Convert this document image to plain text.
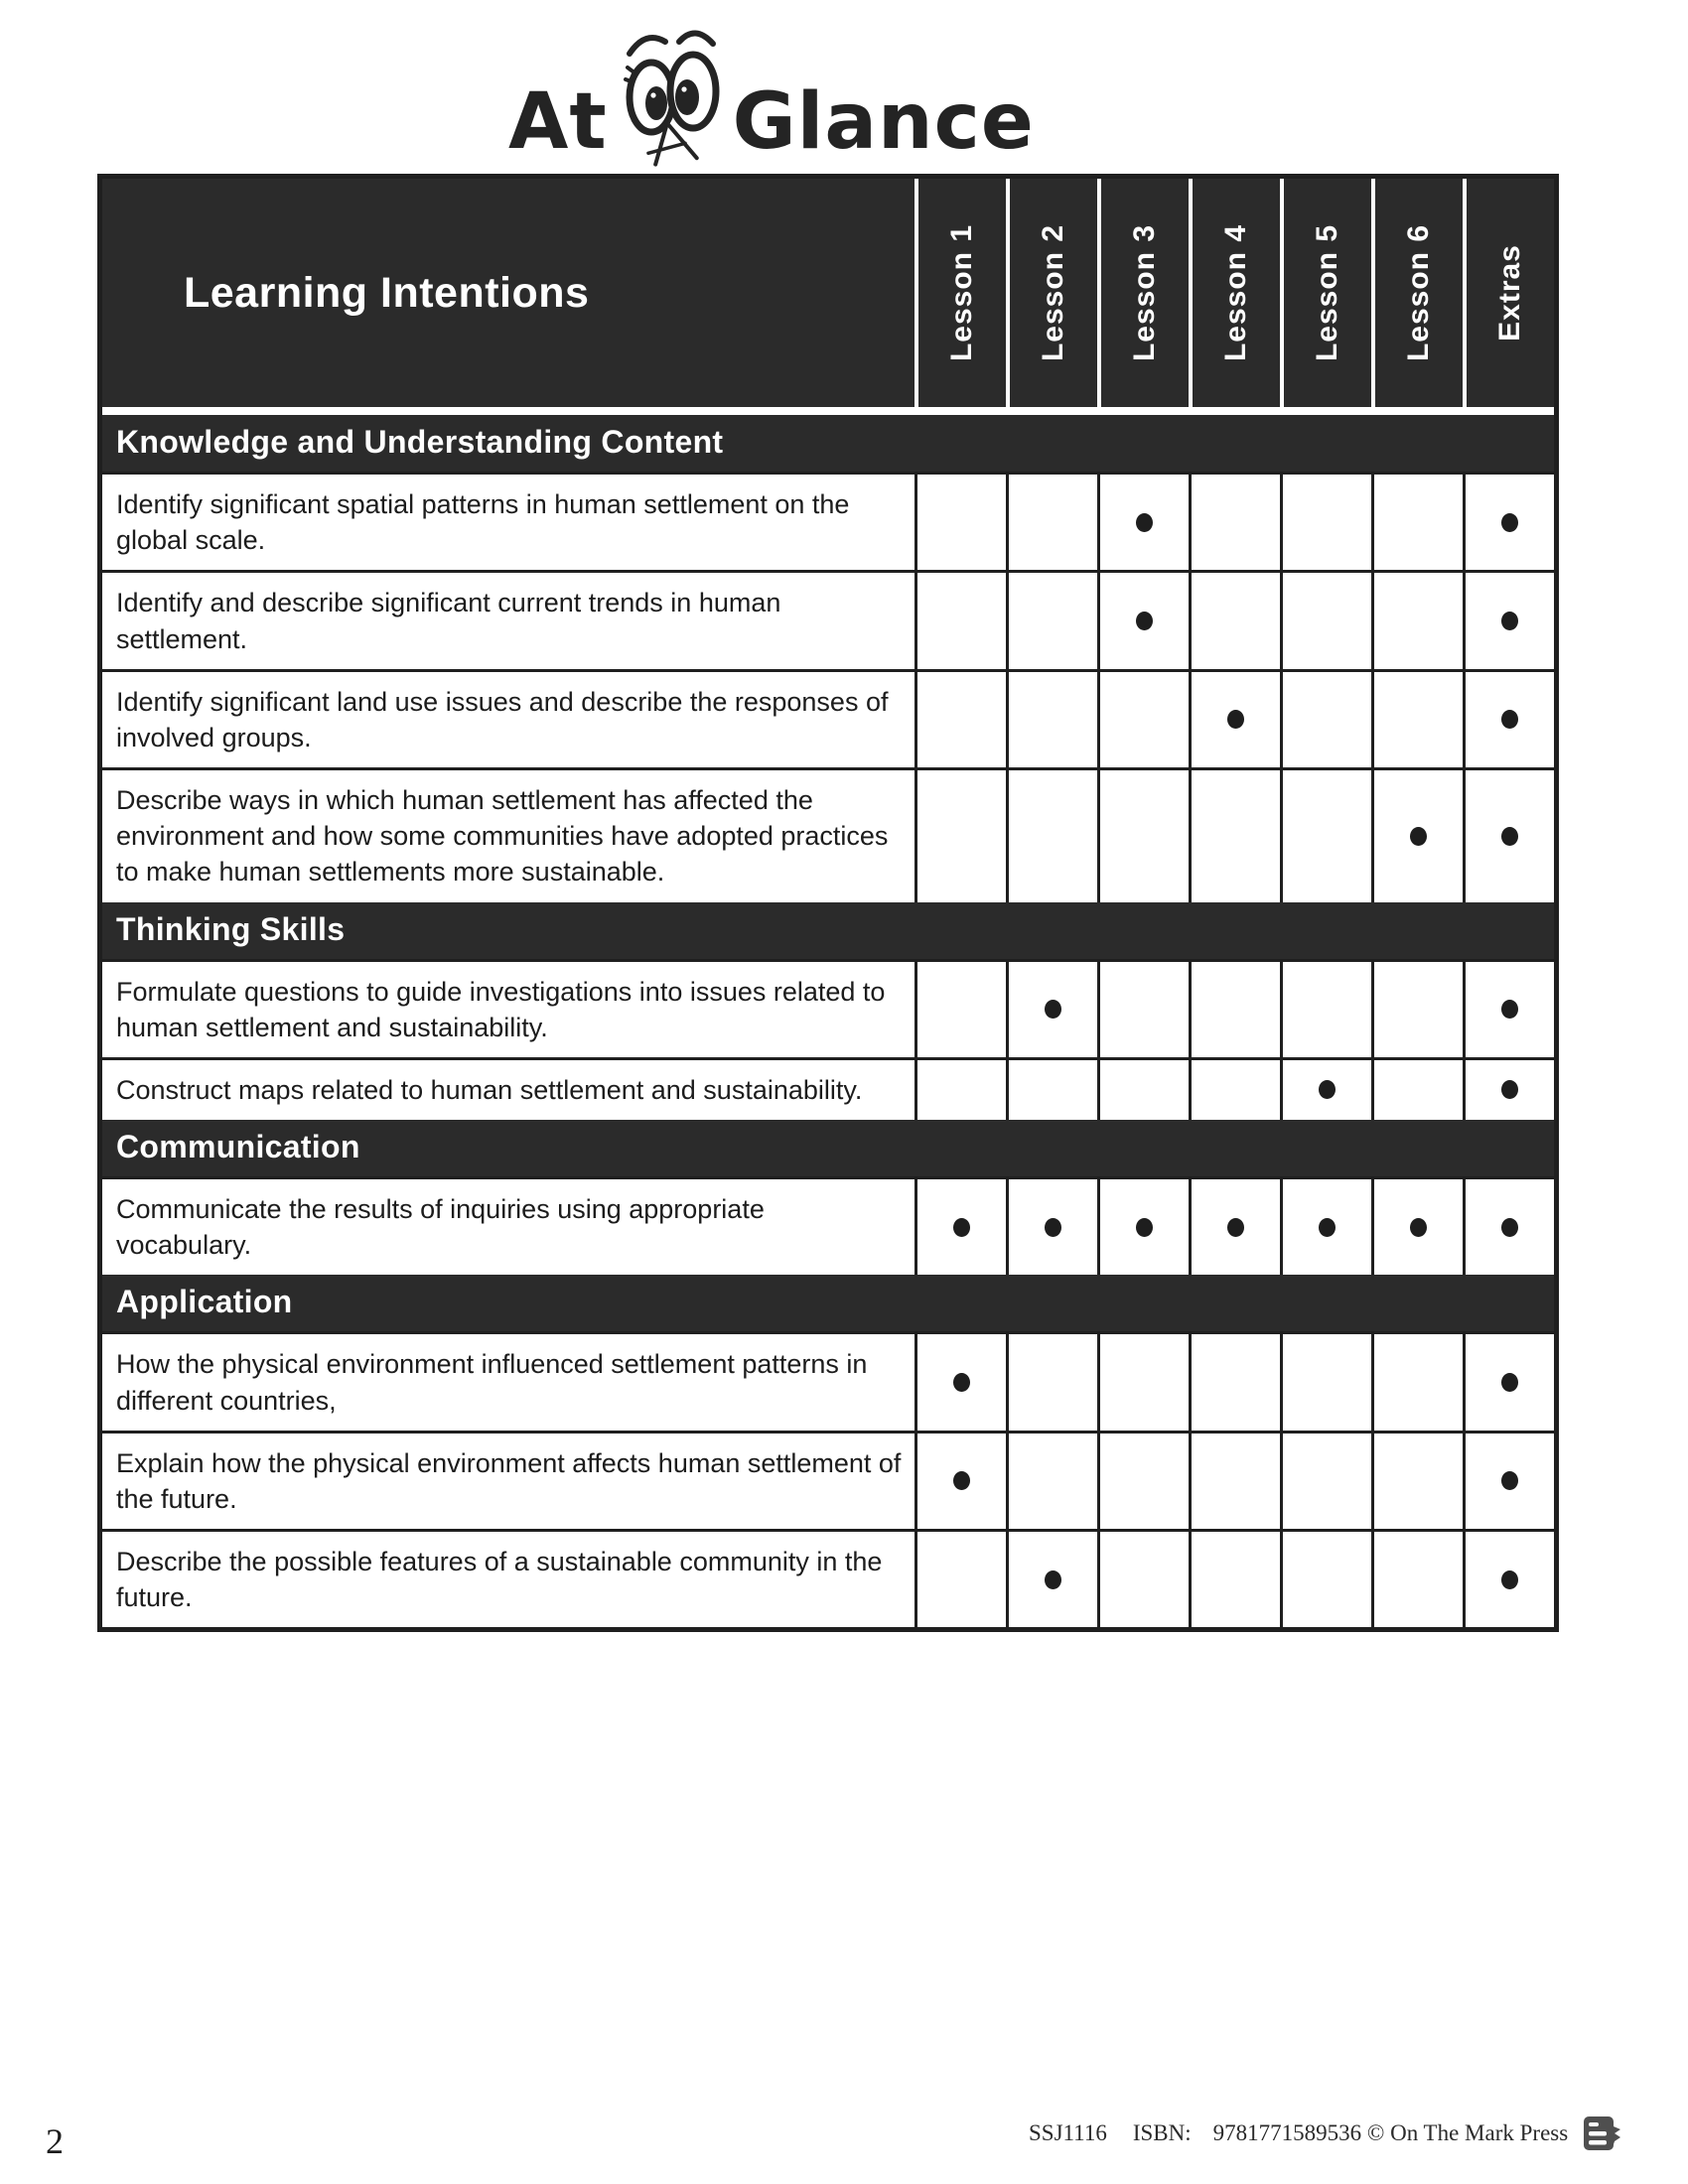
At Glance
Learning Intentions	Lesson 1 Lesson 2 Lesson 3 Lesson 4 Lesson 5 Lesson 6 Extras
Knowledge and Understanding Content
Identify significant spatial patterns in human settlement on the global scale.
Identify and describe significant current trends in human settlement.
Identify significant land use issues and describe the responses of involved groups.
Describe ways in which human settlement has affected the environment and how some communities have adopted practices to make human settlements more sustainable.
Thinking Skills
Formulate questions to guide investigations into issues related to human settlement and sustainability.
Construct maps related to human settlement and sustainability.
Communication
Communicate the results of inquiries using appropriate vocabulary.
Application
How the physical environment influenced settlement patterns in different countries,
Explain how the physical environment affects human settlement of the future.
Describe the possible features of a sustainable community in the future.
2	SSJ1116 ISBN: 9781771589536 © On The Mark Press
